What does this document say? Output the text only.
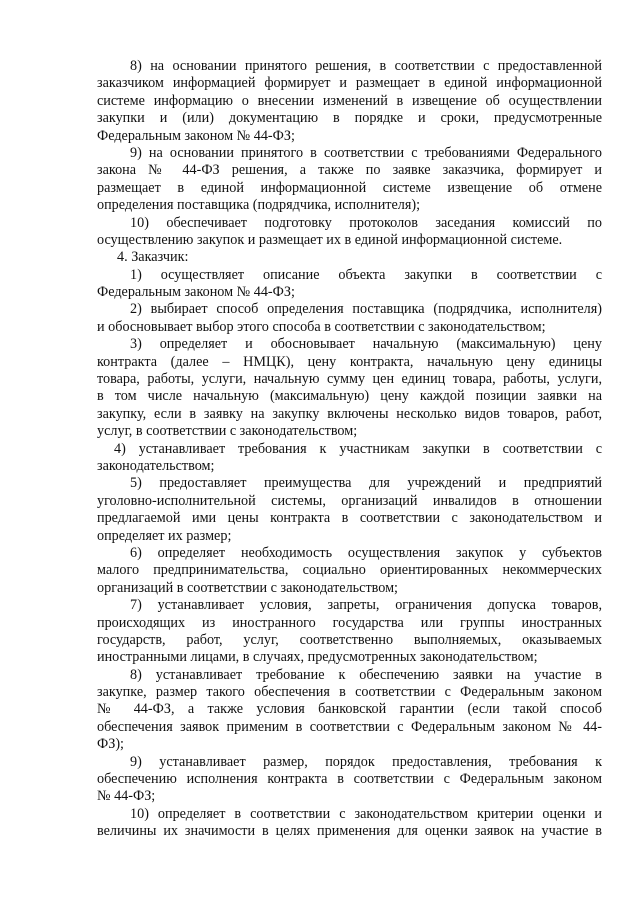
8) на основании принятого решения, в соответствии с предоставленной
заказчиком информацией формирует и размещает в единой информационной
системе информацию о внесении изменений в извещение об осуществлении
закупки и (или) документацию в порядке и сроки, предусмотренные
Федеральным законом № 44-ФЗ;
9) на основании принятого в соответствии с требованиями Федерального
закона № 44-ФЗ решения, а также по заявке заказчика, формирует и
размещает в единой информационной системе извещение об отмене
определения поставщика (подрядчика, исполнителя);
10) обеспечивает подготовку протоколов заседания комиссий по
осуществлению закупок и размещает их в единой информационной системе.
4. Заказчик:
1) осуществляет описание объекта закупки в соответствии с
Федеральным законом № 44-ФЗ;
2) выбирает способ определения поставщика (подрядчика, исполнителя)
и обосновывает выбор этого способа в соответствии с законодательством;
3) определяет и обосновывает начальную (максимальную) цену
контракта (далее – НМЦК), цену контракта, начальную цену единицы
товара, работы, услуги, начальную сумму цен единиц товара, работы, услуги,
в том числе начальную (максимальную) цену каждой позиции заявки на
закупку, если в заявку на закупку включены несколько видов товаров, работ,
услуг, в соответствии с законодательством;
4) устанавливает требования к участникам закупки в соответствии с
законодательством;
5) предоставляет преимущества для учреждений и предприятий
уголовно-исполнительной системы, организаций инвалидов в отношении
предлагаемой ими цены контракта в соответствии с законодательством и
определяет их размер;
6) определяет необходимость осуществления закупок у субъектов
малого предпринимательства, социально ориентированных некоммерческих
организаций в соответствии с законодательством;
7) устанавливает условия, запреты, ограничения допуска товаров,
происходящих из иностранного государства или группы иностранных
государств, работ, услуг, соответственно выполняемых, оказываемых
иностранными лицами, в случаях, предусмотренных законодательством;
8) устанавливает требование к обеспечению заявки на участие в
закупке, размер такого обеспечения в соответствии с Федеральным законом
№ 44-ФЗ, а также условия банковской гарантии (если такой способ
обеспечения заявок применим в соответствии с Федеральным законом № 44-
ФЗ);
9) устанавливает размер, порядок предоставления, требования к
обеспечению исполнения контракта в соответствии с Федеральным законом
№ 44-ФЗ;
10) определяет в соответствии с законодательством критерии оценки и
величины их значимости в целях применения для оценки заявок на участие в
